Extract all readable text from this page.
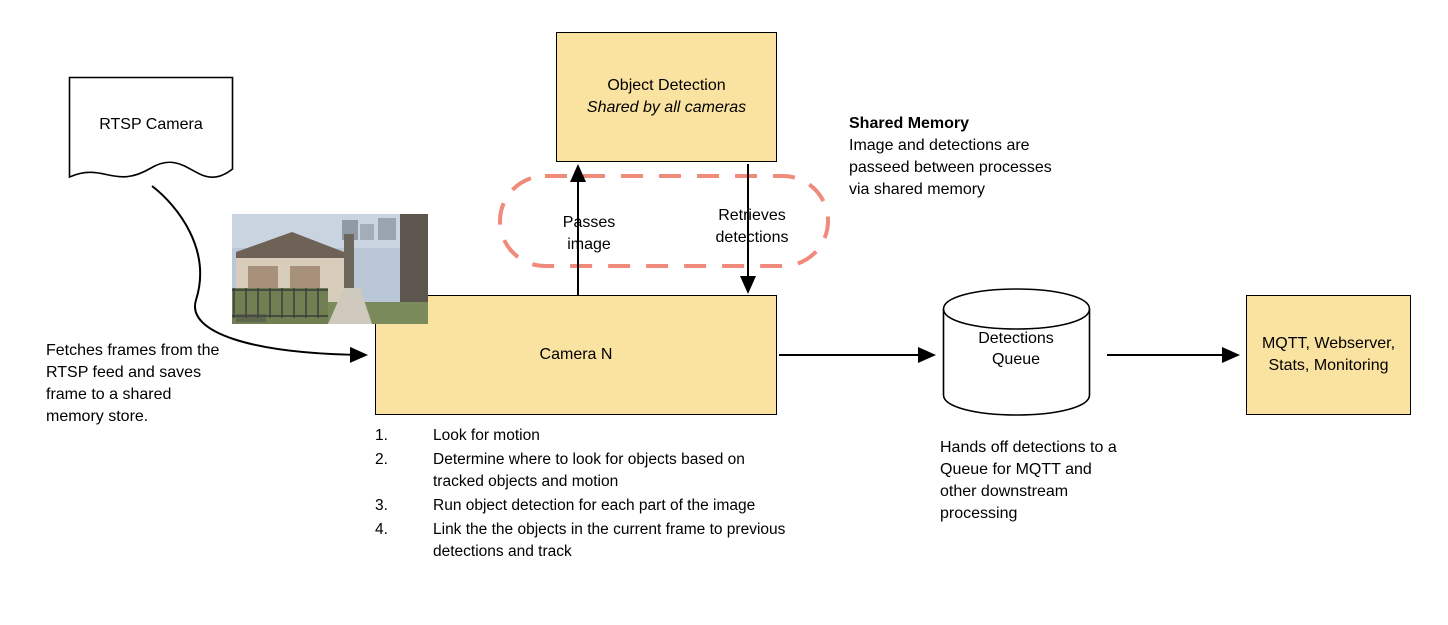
RTSP Camera
Object Detection
Shared by all cameras
Camera N
MQTT, Webserver,
Stats, Monitoring
Detections
Queue
Passes
image
Retrieves
detections
Shared Memory
Image and detections are passeed between processes via shared memory
Fetches frames from the RTSP feed and saves frame to a shared memory store.
Hands off detections to a Queue for MQTT and other downstream processing
1.	Look for motion
2.	Determine where to look for objects based on tracked objects and motion
3.	Run object detection for each part of the image
4.	Link the the objects in the current frame to previous detections and track
